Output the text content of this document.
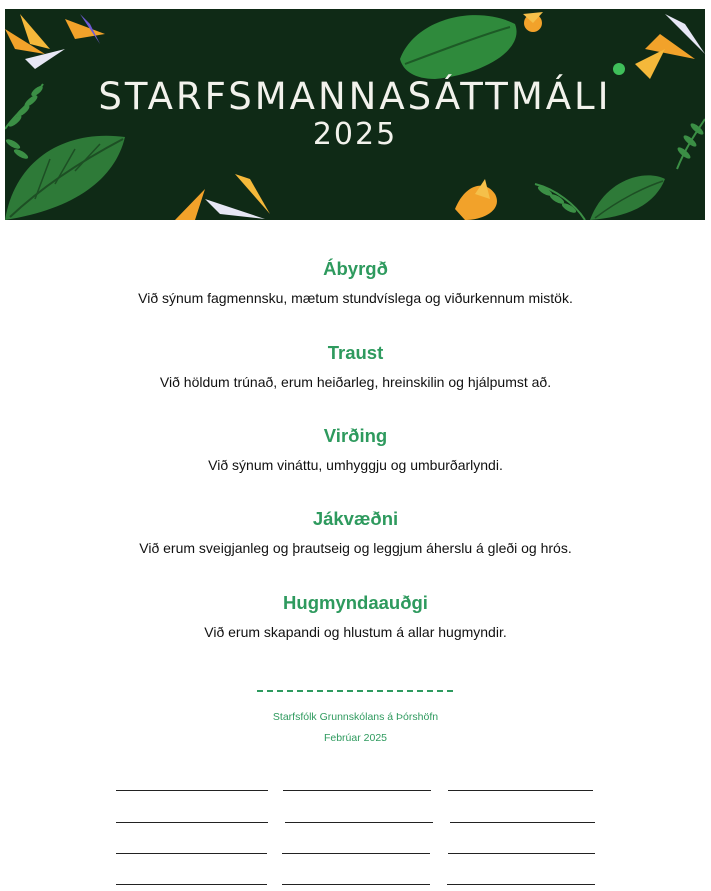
STARFSMANNASÁTTMÁLI
2025
Ábyrgð
Við sýnum fagmennsku, mætum stundvíslega og viðurkennum mistök.
Traust
Við höldum trúnað, erum heiðarleg, hreinskilin og hjálpumst að.
Virðing
Við sýnum vináttu, umhyggju og umburðarlyndi.
Jákvæðni
Við erum sveigjanleg og þrautseig og leggjum áherslu á gleði og hrós.
Hugmyndaauðgi
Við erum skapandi og hlustum á allar hugmyndir.
Starfsfólk Grunnskólans á Þórshöfn
Febrúar 2025
